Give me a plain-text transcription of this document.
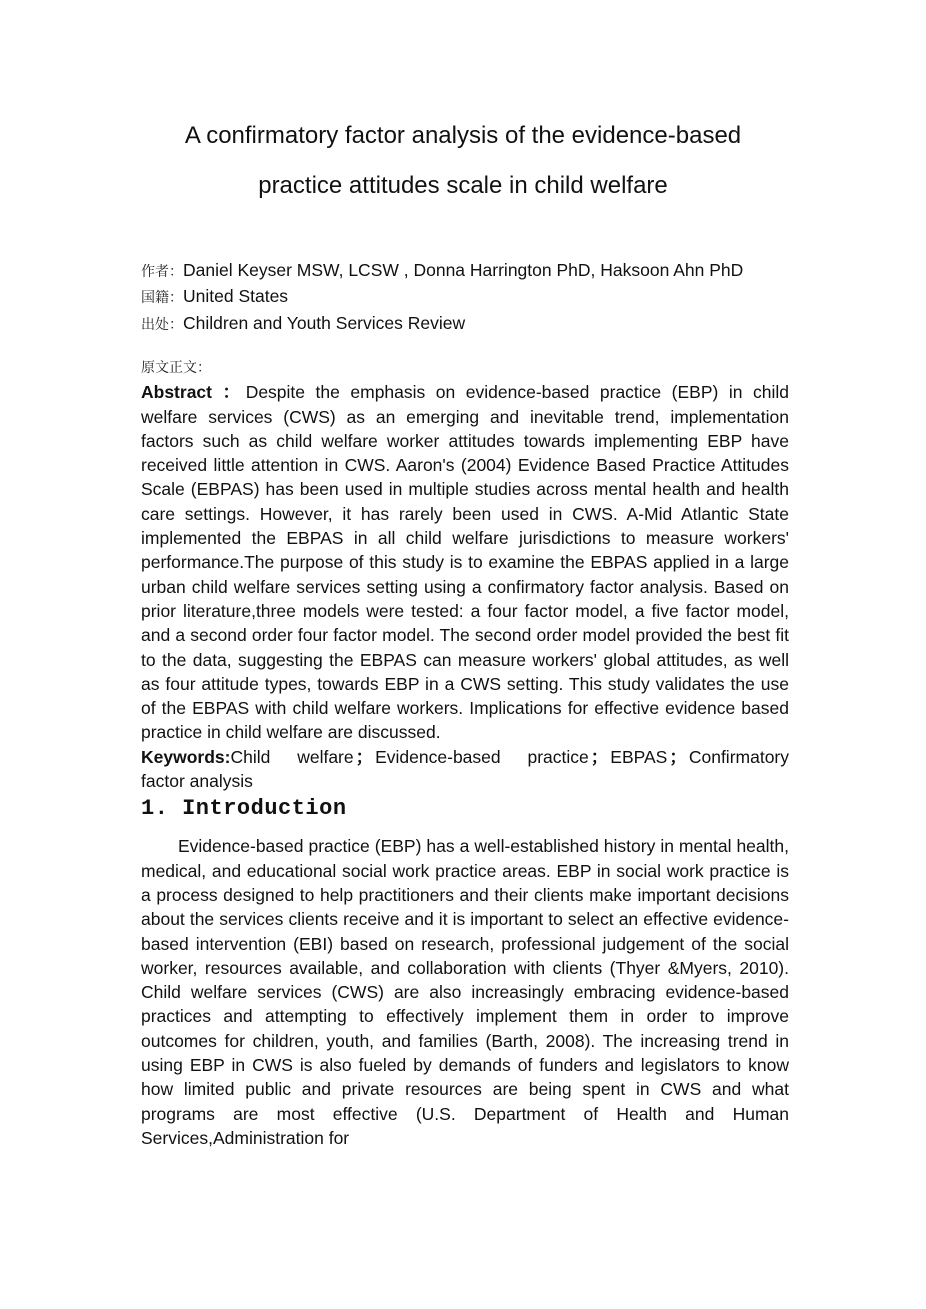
A confirmatory factor analysis of the evidence-based
practice attitudes scale in child welfare
作者：Daniel Keyser MSW, LCSW , Donna Harrington PhD, Haksoon Ahn PhD
国籍：United States
出处：Children and Youth Services Review
原文正文：

Abstract ：Despite the emphasis on evidence-based practice (EBP) in child welfare services (CWS) as an emerging and inevitable trend, implementation factors such as child welfare worker attitudes towards implementing EBP have received little attention in CWS. Aaron's (2004) Evidence Based Practice Attitudes Scale (EBPAS) has been used in multiple studies across mental health and health care settings. However, it has rarely been used in CWS. A-Mid Atlantic State implemented the EBPAS in all child welfare jurisdictions to measure workers' performance.The purpose of this study is to examine the EBPAS applied in a large urban child welfare services setting using a confirmatory factor analysis. Based on prior literature,three models were tested: a four factor model, a five factor model, and a second order four factor model. The second order model provided the best fit to the data, suggesting the EBPAS can measure workers' global attitudes, as well as four attitude types, towards EBP in a CWS setting. This study validates the use of the EBPAS with child welfare workers. Implications for effective evidence based practice in child welfare are discussed.

Keywords:Child welfare ； Evidence-based practice ； EBPAS ； Confirmatory factor analysis

1. Introduction

Evidence-based practice (EBP) has a well-established history in mental health, medical, and educational social work practice areas. EBP in social work practice is a process designed to help practitioners and their clients make important decisions about the services clients receive and it is important to select an effective evidence-based intervention (EBI) based on research, professional judgement of the social worker, resources available, and collaboration with clients (Thyer &Myers, 2010). Child welfare services (CWS) are also increasingly embracing evidence-based practices and attempting to effectively implement them in order to improve outcomes for children, youth, and families (Barth, 2008). The increasing trend in using EBP in CWS is also fueled by demands of funders and legislators to know how limited public and private resources are being spent in CWS and what programs are most effective (U.S. Department of Health and Human Services,Administration for
